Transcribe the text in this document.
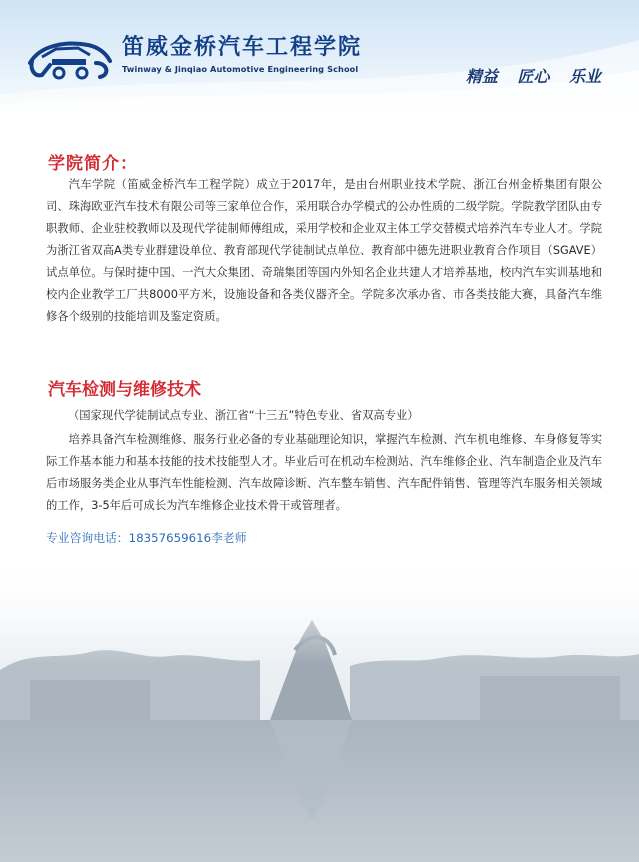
笛威金桥汽车工程学院
Twinway & Jinqiao Automotive Engineering School	精益 匠心 乐业
学院简介：

汽车学院（笛威金桥汽车工程学院）成立于2017年，是由台州职业技术学院、浙江台州金桥集团有限公司、珠海欧亚汽车技术有限公司等三家单位合作，采用联合办学模式的公办性质的二级学院。学院教学团队由专职教师、企业驻校教师以及现代学徒制师傅组成，采用学校和企业双主体工学交替模式培养汽车专业人才。学院为浙江省双高A类专业群建设单位、教育部现代学徒制试点单位、教育部中德先进职业教育合作项目（SGAVE）试点单位。与保时捷中国、一汽大众集团、奇瑞集团等国内外知名企业共建人才培养基地，校内汽车实训基地和校内企业教学工厂共8000平方米，设施设备和各类仪器齐全。学院多次承办省、市各类技能大赛，具备汽车维修各个级别的技能培训及鉴定资质。

汽车检测与维修技术
（国家现代学徒制试点专业、浙江省“十三五”特色专业、省双高专业）

培养具备汽车检测维修、服务行业必备的专业基础理论知识，掌握汽车检测、汽车机电维修、车身修复等实际工作基本能力和基本技能的技术技能型人才。毕业后可在机动车检测站、汽车维修企业、汽车制造企业及汽车后市场服务类企业从事汽车性能检测、汽车故障诊断、汽车整车销售、汽车配件销售、管理等汽车服务相关领域的工作，3-5年后可成长为汽车维修企业技术骨干或管理者。

专业咨询电话：18357659616李老师
